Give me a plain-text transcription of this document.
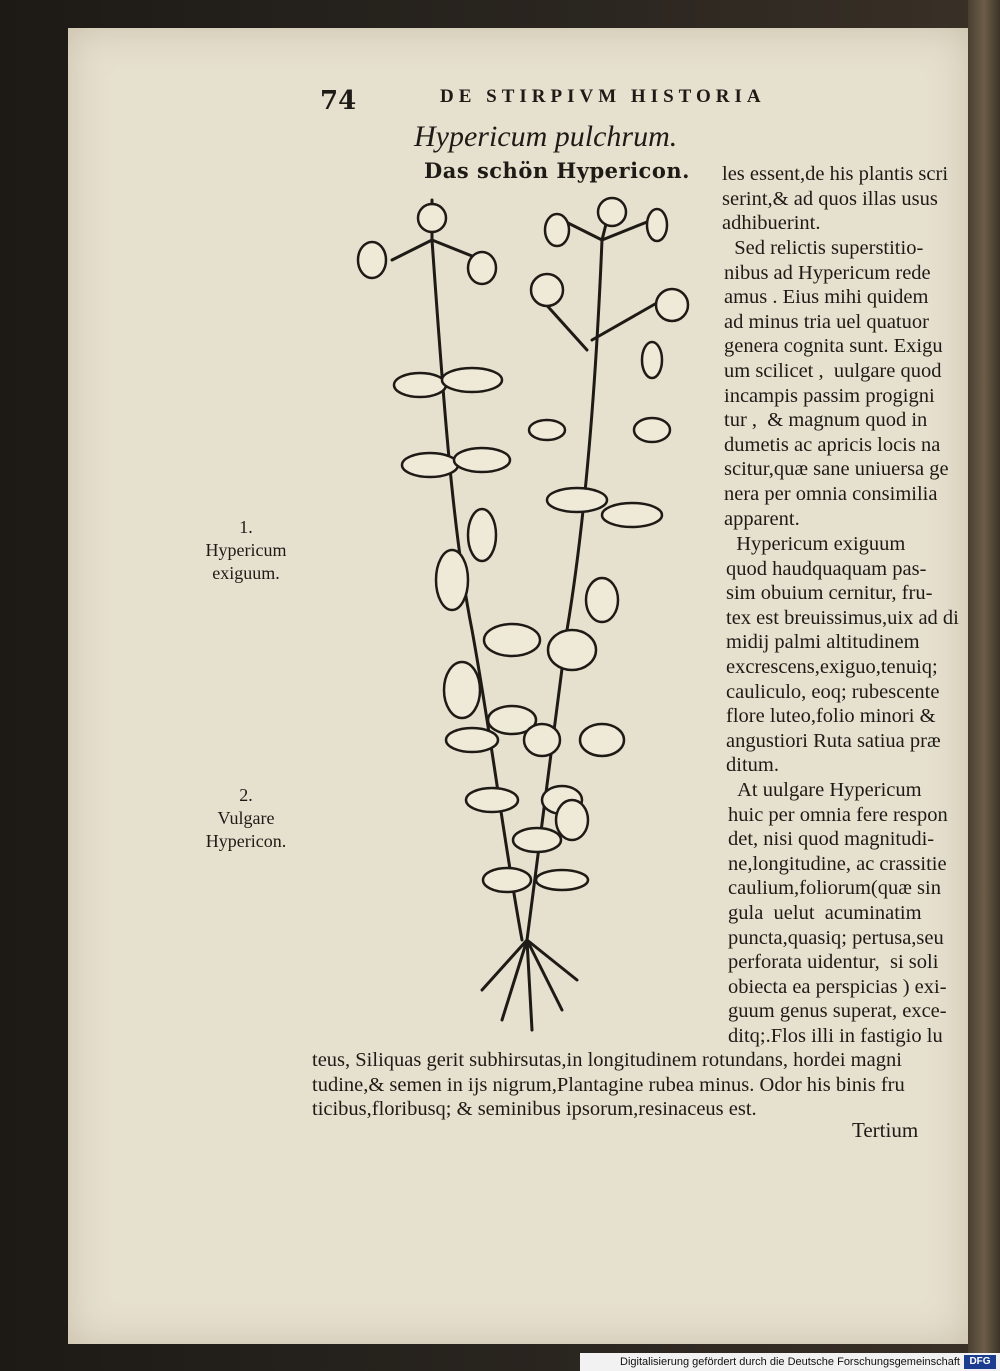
74	DE STIRPIVM HISTORIA
Hypericum pulchrum.
Das schön Hypericon. les essent,de his plantis scri
serint,& ad quos illas usus
adhibuerint.
Sed relictis superstitio-
nibus ad Hypericum rede
amus . Eius mihi quidem
ad minus tria uel quatuor
genera cognita sunt. Exigu
um scilicet ,  uulgare quod
incampis passim progigni
tur ,  & magnum quod in
dumetis ac apricis locis na
scitur,quæ sane uniuersa ge
nera per omnia consimilia
apparent.
Hypericum exiguum
quod haudquaquam pas-
sim obuium cernitur, fru-
tex est breuissimus,uix ad di
midij palmi altitudinem
excrescens,exiguo,tenuiq;
cauliculo, eoq; rubescente
flore luteo,folio minori &
angustiori Ruta satiua præ
ditum.
At uulgare Hypericum
huic per omnia fere respon
det, nisi quod magnitudi-
ne,longitudine, ac crassitie
caulium,foliorum(quæ sin
gula  uelut  acuminatim
puncta,quasiq; pertusa,seu
perforata uidentur,  si soli
obiecta ea perspicias ) exi-
guum genus superat, exce-
ditq;.Flos illi in fastigio lu
teus, Siliquas gerit subhirsutas,in longitudinem rotundans, hordei magni
tudine,& semen in ijs nigrum,Plantagine rubea minus. Odor his binis fru
ticibus,floribusq; & seminibus ipsorum,resinaceus est.
Tertium
1.
Hypericum
exiguum.
2.
Vulgare
Hypericon.
Digitalisierung gefördert durch die Deutsche Forschungsgemeinschaft DFG
